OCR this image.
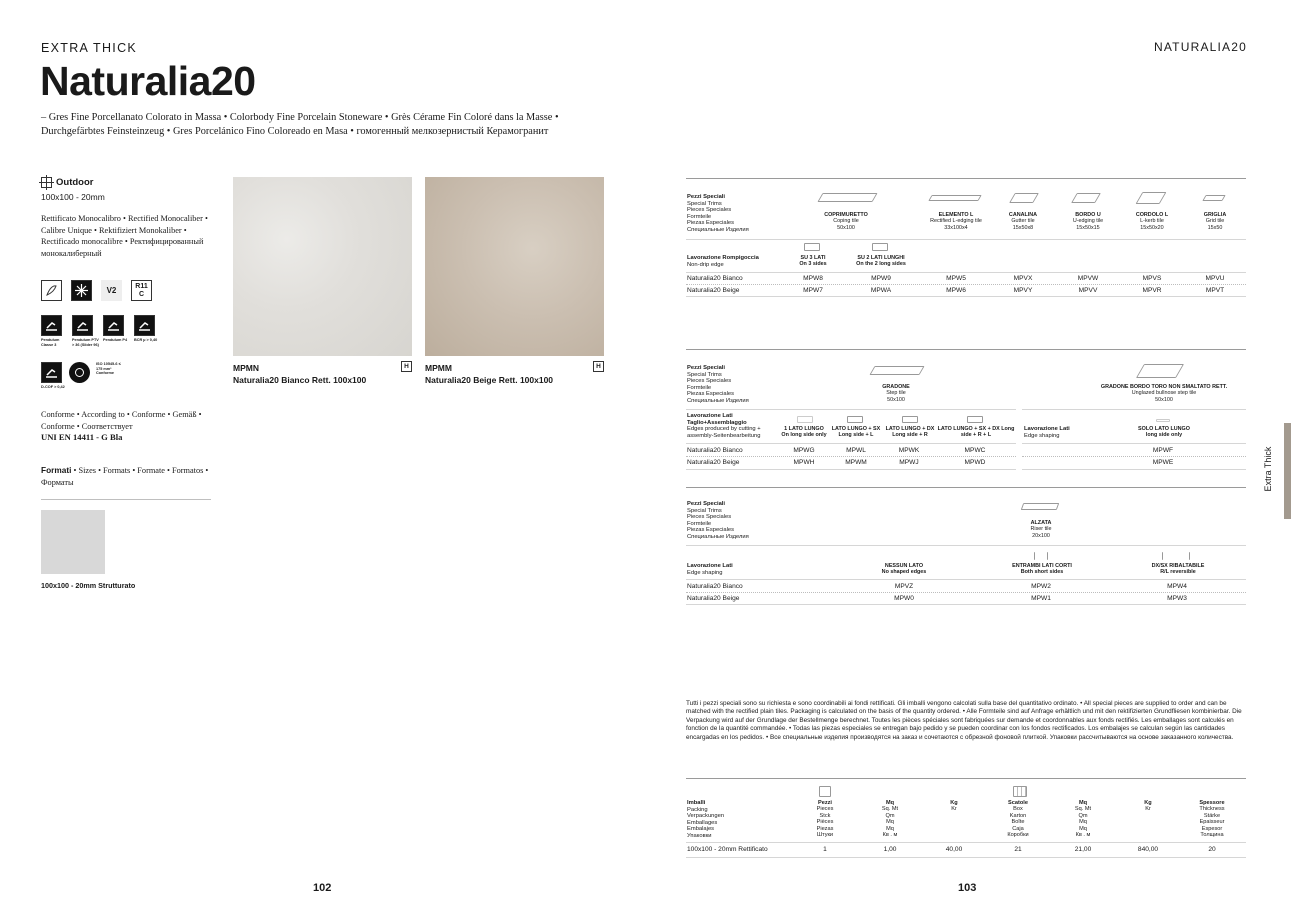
EXTRA THICK
Naturalia20
– Gres Fine Porcellanato Colorato in Massa • Colorbody Fine Porcelain Stoneware • Grès Cérame Fin Coloré dans la Masse • Durchgefärbtes Feinsteinzeug • Gres Porcelánico Fino Coloreado en Masa • гомогенный мелкозернистый Керамогранит
Outdoor
100x100 - 20mm
Rettificato Monocalibro • Rectified Monocaliber • Calibre Unique • Rektifiziert Monokaliber • Rectificado monocalibre • Ректифицированный монокалиберный
V2	R11
C
Pendulum Classe 3
Pendulum PTV > 36 (Slider 96)
Pendulum P4	BCR µ > 0,40
D-COF > 0,42
ISO 10545-6 ≤ 175 mm³ Conforme
Conforme • According to • Conforme • Gemäß • Conforme • Соответствует
UNI EN 14411 - G Bla
Formati • Sizes • Formats • Formate • Formatos • Форматы
100x100 - 20mm Strutturato
MPMN
Naturalia20 Bianco Rett. 100x100
H	MPMM
Naturalia20 Beige Rett. 100x100
H
102
NATURALIA20
Extra Thick
Pezzi Speciali
Special Trims
Pieces Speciales
Formteile
Piezas Especiales
Специальные Изделия
COPRIMURETTO
Coping tile
50x100
ELEMENTO L
Rectified L-edging tile
33x100x4
CANALINA
Gutter tile
15x50x8
BORDO U
U-edging tile
15x50x15
CORDOLO L
L-kerb tile
15x50x20
GRIGLIA
Grid tile
15x50
Lavorazione Rompigoccia
Non-drip edge
SU 3 LATI
On 3 sides
SU 2 LATI LUNGHI
On the 2 long sides
Naturalia20 Bianco	MPW8	MPW9	MPW5	MPVX	MPVW	MPVS	MPVU
Naturalia20 Beige	MPW7	MPWA	MPW6	MPVY	MPVV	MPVR	MPVT
Pezzi Speciali
Special Trims
Pieces Speciales
Formteile
Piezas Especiales
Специальные Изделия
GRADONE
Step tile
50x100
GRADONE BORDO TORO NON SMALTATO RETT.
Unglazed bullnose step tile
50x100
Lavorazione Lati
Taglio+Assemblaggio
Edges produced by cutting +
assembly-Seitenbearbeitung
1 LATO LUNGO
On long side only
LATO LUNGO + SX
Long side + L
LATO LUNGO + DX
Long side + R
LATO LUNGO + SX + DX Long
side + R + L
Lavorazione Lati
Edge shaping
SOLO LATO LUNGO
long side only
Naturalia20 Bianco	MPWG	MPWL	MPWK	MPWC	MPWF
Naturalia20 Beige	MPWH	MPWM	MPWJ	MPWD	MPWE
Pezzi Speciali
Special Trims
Pieces Speciales
Formteile
Piezas Especiales
Специальные Изделия
ALZATA
Riser tile
20x100
Lavorazione Lati
Edge shaping
NESSUN LATO
No shaped edges
ENTRAMBI LATI CORTI
Both short sides
DX/SX RIBALTABILE
R/L reversible
Naturalia20 Bianco	MPVZ	MPW2	MPW4
Naturalia20 Beige	MPW0	MPW1	MPW3
Tutti i pezzi speciali sono su richiesta e sono coordinabili ai fondi rettificati. Gli imballi vengono calcolati sulla base del quantitativo ordinato. • All special pieces are supplied to order and can be matched with the rectified plain tiles. Packaging is calculated on the basis of the quantity ordered. • Alle Formteile sind auf Anfrage erhältlich und mit den rektifizierten Grundfliesen kombinierbar. Die Verpackung wird auf der Grundlage der Bestellmenge berechnet. Toutes les pièces spéciales sont fabriquées sur demande et coordonnables aux fonds rectifiés. Les emballages sont calculés en fonction de la quantité commandée. • Todas las piezas especiales se entregan bajo pedido y se pueden coordinar con los fondos rectificados. Los embalajes se calculan según las cantidades encargadas en los pedidos. • Все специальные изделия производятся на заказ и сочетаются с обрезной фоновой плиткой. Упаковки рассчитываются на основе заказанного количества.
Imballi
Packing
Verpackungen
Emballages
Embalajes
Упаковки
Pezzi
Pieces
Stck
Pièces
Piezas
Штуки
Mq
Sq. Mt
Qm
Mq
Mq
Кв . м
Kg
Kr
Scatole
Box
Karton
Boîte
Caja
Коробки
Mq
Sq. Mt
Qm
Mq
Mq
Кв . м
Kg
Kr
Spessore
Thickness
Stärke
Epaisseur
Espesor
Толщина
100x100 - 20mm Rettificato	1	1,00	40,00	21	21,00	840,00	20
103
